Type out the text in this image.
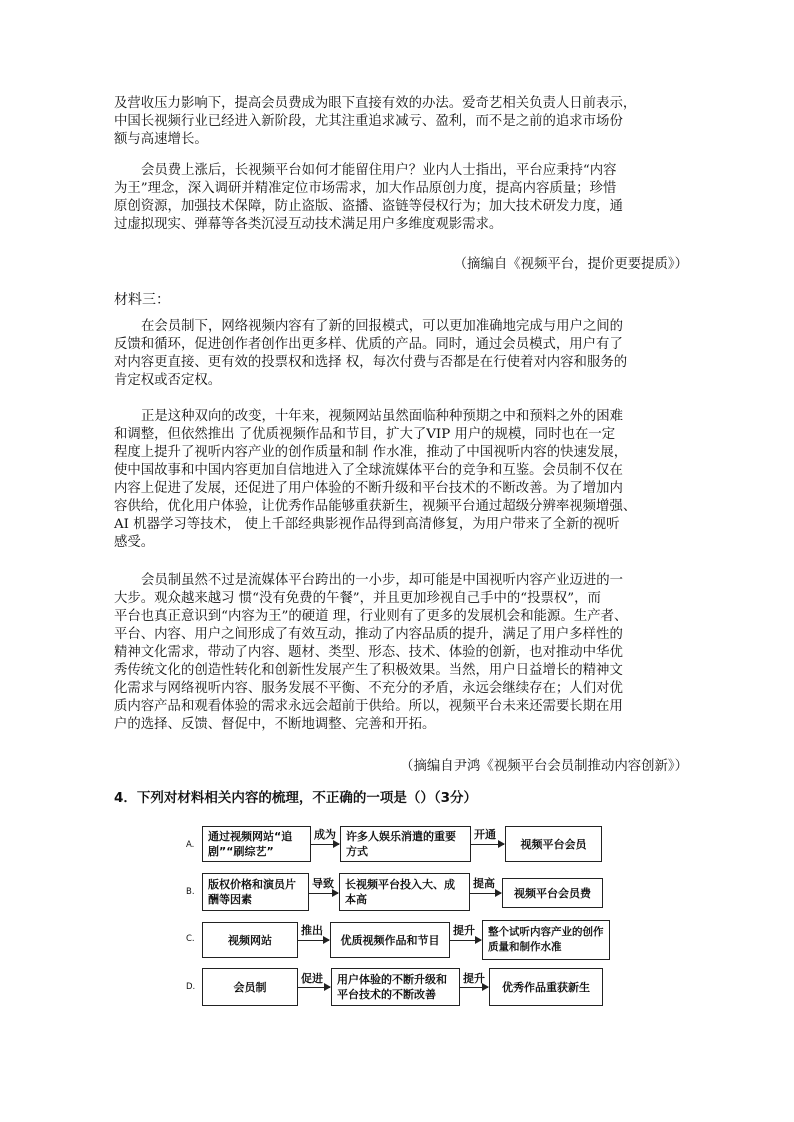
及营收压力影响下，提高会员费成为眼下直接有效的办法。爱奇艺相关负责人日前表示，
中国长视频行业已经进入新阶段，尤其注重追求减亏、盈利，而不是之前的追求市场份
额与高速增长。
会员费上涨后，长视频平台如何才能留住用户？业内人士指出，平台应秉持“内容
为王”理念，深入调研并精准定位市场需求，加大作品原创力度，提高内容质量；珍惜
原创资源，加强技术保障，防止盗版、盗播、盗链等侵权行为；加大技术研发力度，通
过虚拟现实、弹幕等各类沉浸互动技术满足用户多维度观影需求。
（摘编自《视频平台，提价更要提质》）
材料三：
在会员制下，网络视频内容有了新的回报模式，可以更加准确地完成与用户之间的
反馈和循环，促进创作者创作出更多样、优质的产品。同时，通过会员模式，用户有了
对内容更直接、更有效的投票权和选择 权，每次付费与否都是在行使着对内容和服务的
肯定权或否定权。
正是这种双向的改变，十年来，视频网站虽然面临种种预期之中和预料之外的困难
和调整，但依然推出 了优质视频作品和节目，扩大了VIP 用户的规模，同时也在一定
程度上提升了视听内容产业的创作质量和制 作水准，推动了中国视听内容的快速发展，
使中国故事和中国内容更加自信地进入了全球流媒体平台的竞争和互鉴。会员制不仅在
内容上促进了发展，还促进了用户体验的不断升级和平台技术的不断改善。为了增加内
容供给，优化用户体验，让优秀作品能够重获新生，视频平台通过超级分辨率视频增强、
AI 机器学习等技术， 使上千部经典影视作品得到高清修复，为用户带来了全新的视听
感受。
会员制虽然不过是流媒体平台跨出的一小步，却可能是中国视听内容产业迈进的一
大步。观众越来越习 惯“没有免费的午餐”，并且更加珍视自己手中的“投票权”，而
平台也真正意识到“内容为王”的硬道 理，行业则有了更多的发展机会和能源。生产者、
平台、内容、用户之间形成了有效互动，推动了内容品质的提升，满足了用户多样性的
精神文化需求，带动了内容、题材、类型、形态、技术、体验的创新，也对推动中华优
秀传统文化的创造性转化和创新性发展产生了积极效果。当然，用户日益增长的精神文
化需求与网络视听内容、服务发展不平衡、不充分的矛盾，永远会继续存在；人们对优
质内容产品和观看体验的需求永远会超前于供给。所以，视频平台未来还需要长期在用
户的选择、反馈、督促中，不断地调整、完善和开拓。
（摘编自尹鸿《视频平台会员制推动内容创新》）
4．下列对材料相关内容的梳理，不正确的一项是（）（3分）
A.
通过视频网站“追剧”“刷综艺”
成为 许多人娱乐消遣的重要方式
开通
视频平台会员
B.
版权价格和演员片酬等因素
导致	长视频平台投入大、成本高
提高
视频平台会员费
C.	视频网站
推出
优质视频作品和节目
提升	整个试听内容产业的创作质量和制作水准
D.	会员制
促进	用户体验的不断升级和平台技术的不断改善
提升
优秀作品重获新生
